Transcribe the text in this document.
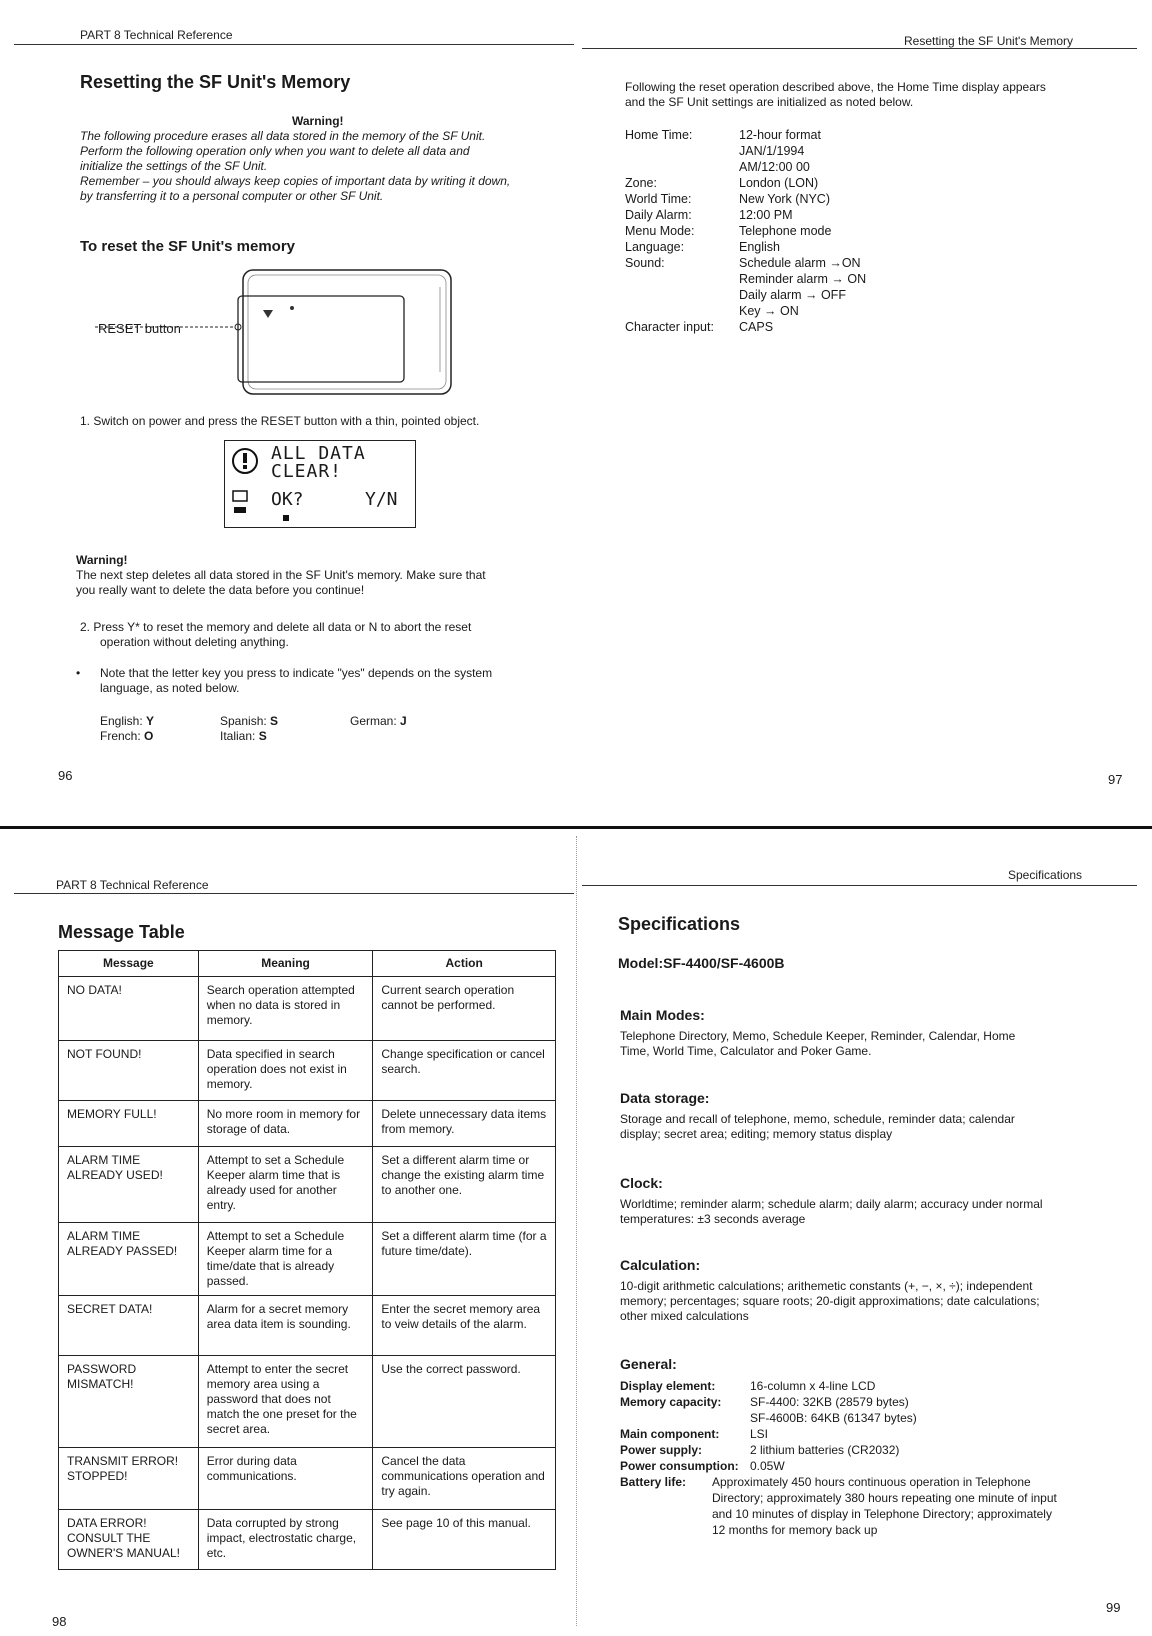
PART 8 Technical Reference
Resetting the SF Unit's Memory
Warning!
The following procedure erases all data stored in the memory of the SF Unit.
Perform the following operation only when you want to delete all data and
initialize the settings of the SF Unit.
Remember – you should always keep copies of important data by writing it down,
by transferring it to a personal computer or other SF Unit.
To reset the SF Unit's memory
RESET button
1. Switch on power and press the RESET button with a thin, pointed object.
ALL DATA
CLEAR!
OK?	Y/N
Warning!
The next step deletes all data stored in the SF Unit's memory. Make sure that
you really want to delete the data before you continue!
2. Press Y* to reset the memory and delete all data or N to abort the reset
operation without deleting anything.
• Note that the letter key you press to indicate "yes" depends on the system
language, as noted below.
English: Y	Spanish: S	German: J
French: O	Italian: S
96
Resetting the SF Unit's Memory
Following the reset operation described above, the Home Time display appears
and the SF Unit settings are initialized as noted below.
Home Time:	12-hour format
JAN/1/1994
AM/12:00 00
Zone:	London (LON)
World Time:	New York (NYC)
Daily Alarm:	12:00 PM
Menu Mode:	Telephone mode
Language:	English
Sound:	Schedule alarm →ON
Reminder alarm → ON
Daily alarm → OFF
Key → ON
Character input:	CAPS
97
PART 8 Technical Reference
Message Table
Message	Meaning	Action
NO DATA!	Search operation attempted when no data is stored in memory.	Current search operation cannot be performed.
NOT FOUND!	Data specified in search operation does not exist in memory.	Change specification or cancel search.
MEMORY FULL!	No more room in memory for storage of data.	Delete unnecessary data items from memory.
ALARM TIME ALREADY USED!	Attempt to set a Schedule Keeper alarm time that is already used for another entry.	Set a different alarm time or change the existing alarm time to another one.
ALARM TIME ALREADY PASSED!	Attempt to set a Schedule Keeper alarm time for a time/date that is already passed.	Set a different alarm time (for a future time/date).
SECRET DATA!	Alarm for a secret memory area data item is sounding.	Enter the secret memory area to veiw details of the alarm.
PASSWORD MISMATCH!	Attempt to enter the secret memory area using a password that does not match the one preset for the secret area.	Use the correct password.
TRANSMIT ERROR! STOPPED!	Error during data communications.	Cancel the data communications operation and try again.
DATA ERROR! CONSULT THE OWNER'S MANUAL!	Data corrupted by strong impact, electrostatic charge, etc.	See page 10 of this manual.
98
Specifications
Specifications
Model:SF-4400/SF-4600B
Main Modes:
Telephone Directory, Memo, Schedule Keeper, Reminder, Calendar, Home
Time, World Time, Calculator and Poker Game.
Data storage:
Storage and recall of telephone, memo, schedule, reminder data; calendar
display; secret area; editing; memory status display
Clock:
Worldtime; reminder alarm; schedule alarm; daily alarm; accuracy under normal
temperatures: ±3 seconds average
Calculation:
10-digit arithmetic calculations; arithemetic constants (+, −, ×, ÷); independent
memory; percentages; square roots; 20-digit approximations; date calculations;
other mixed calculations
General:
Display element:	16-column x 4-line LCD
Memory capacity:	SF-4400: 32KB (28579 bytes)
SF-4600B: 64KB (61347 bytes)
Main component:	LSI
Power supply:	2 lithium batteries (CR2032)
Power consumption: 0.05W
Battery life:	Approximately 450 hours continuous operation in Telephone
Directory; approximately 380 hours repeating one minute of input
and 10 minutes of display in Telephone Directory; approximately
12 months for memory back up
99
